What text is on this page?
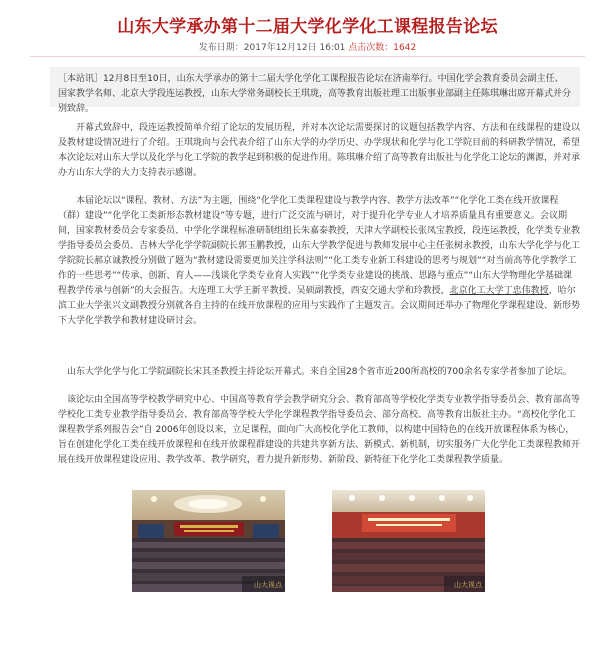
山东大学承办第十二届大学化学化工课程报告论坛
发布日期：2017年12月12日 16:01 点击次数：1642

［本站讯］12月8日至10日，山东大学承办的第十二届大学化学化工课程报告论坛在济南举行。中国化学会教育委员会副主任、国家教学名师、北京大学段连运教授，山东大学常务副校长王琪珑，高等教育出版社理工出版事业部副主任陈琪琳出席开幕式并分别致辞。

开幕式致辞中，段连运教授简单介绍了论坛的发展历程，并对本次论坛需要探讨的议题包括教学内容、方法和在线课程的建设以及教材建设情况进行了介绍。王琪珑向与会代表介绍了山东大学的办学历史、办学现状和化学与化工学院目前的科研教学情况，希望本次论坛对山东大学以及化学与化工学院的教学起到积极的促进作用。陈琪琳介绍了高等教育出版社与化学化工论坛的渊源，并对承办方山东大学的大力支持表示感谢。

本届论坛以“课程、教材、方法”为主题，围绕“化学化工类课程建设与教学内容、教学方法改革”“化学化工类在线开放课程（群）建设”“化学化工类新形态教材建设”等专题，进行广泛交流与研讨，对于提升化学专业人才培养质量具有重要意义。会议期间，国家教材委员会专家委员、中学化学课程标准研制组组长朱嘉泰教授，天津大学副校长张凤宝教授，段连运教授，化学类专业教学指导委员会委员、吉林大学化学学院副院长郭玉鹏教授，山东大学教学促进与教师发展中心主任张树永教授，山东大学化学与化工学院院长郝京诚教授分别做了题为“教材建设需要更加关注学科法则”“化工类专业新工科建设的思考与规划”“对当前高等化学教学工作的一些思考”“传承、创新、育人——浅谈化学类专业育人实践”“化学类专业建设的挑战、思路与重点”“山东大学物理化学基础课程教学传承与创新”的大会报告。大连理工大学王新平教授、吴硕副教授，西安交通大学和玲教授，北京化工大学丁忠伟教授，哈尔滨工业大学张兴文副教授分别就各自主持的在线开放课程的应用与实践作了主题发言。会议期间还举办了物理化学课程建设、新形势下大学化学教学和教材建设研讨会。

山东大学化学与化工学院副院长宋其圣教授主持论坛开幕式。来自全国28个省市近200所高校的700余名专家学者参加了论坛。

该论坛由全国高等学校教学研究中心、中国高等教育学会教学研究分会、教育部高等学校化学类专业教学指导委员会、教育部高等学校化工类专业教学指导委员会、教育部高等学校大学化学课程教学指导委员会、部分高校、高等教育出版社主办。“高校化学化工课程教学系列报告会”自 2006年创设以来，立足课程，面向广大高校化学化工教师，以构建中国特色的在线开放课程体系为核心，旨在创建化学化工类在线开放课程和在线开放课程群建设的共建共享新方法、新模式、新机制，切实服务广大化学化工类课程教师开展在线开放课程建设应用、教学改革、教学研究，着力提升新形势、新阶段、新特征下化学化工类课程教学质量。

山大视点	山大视点
